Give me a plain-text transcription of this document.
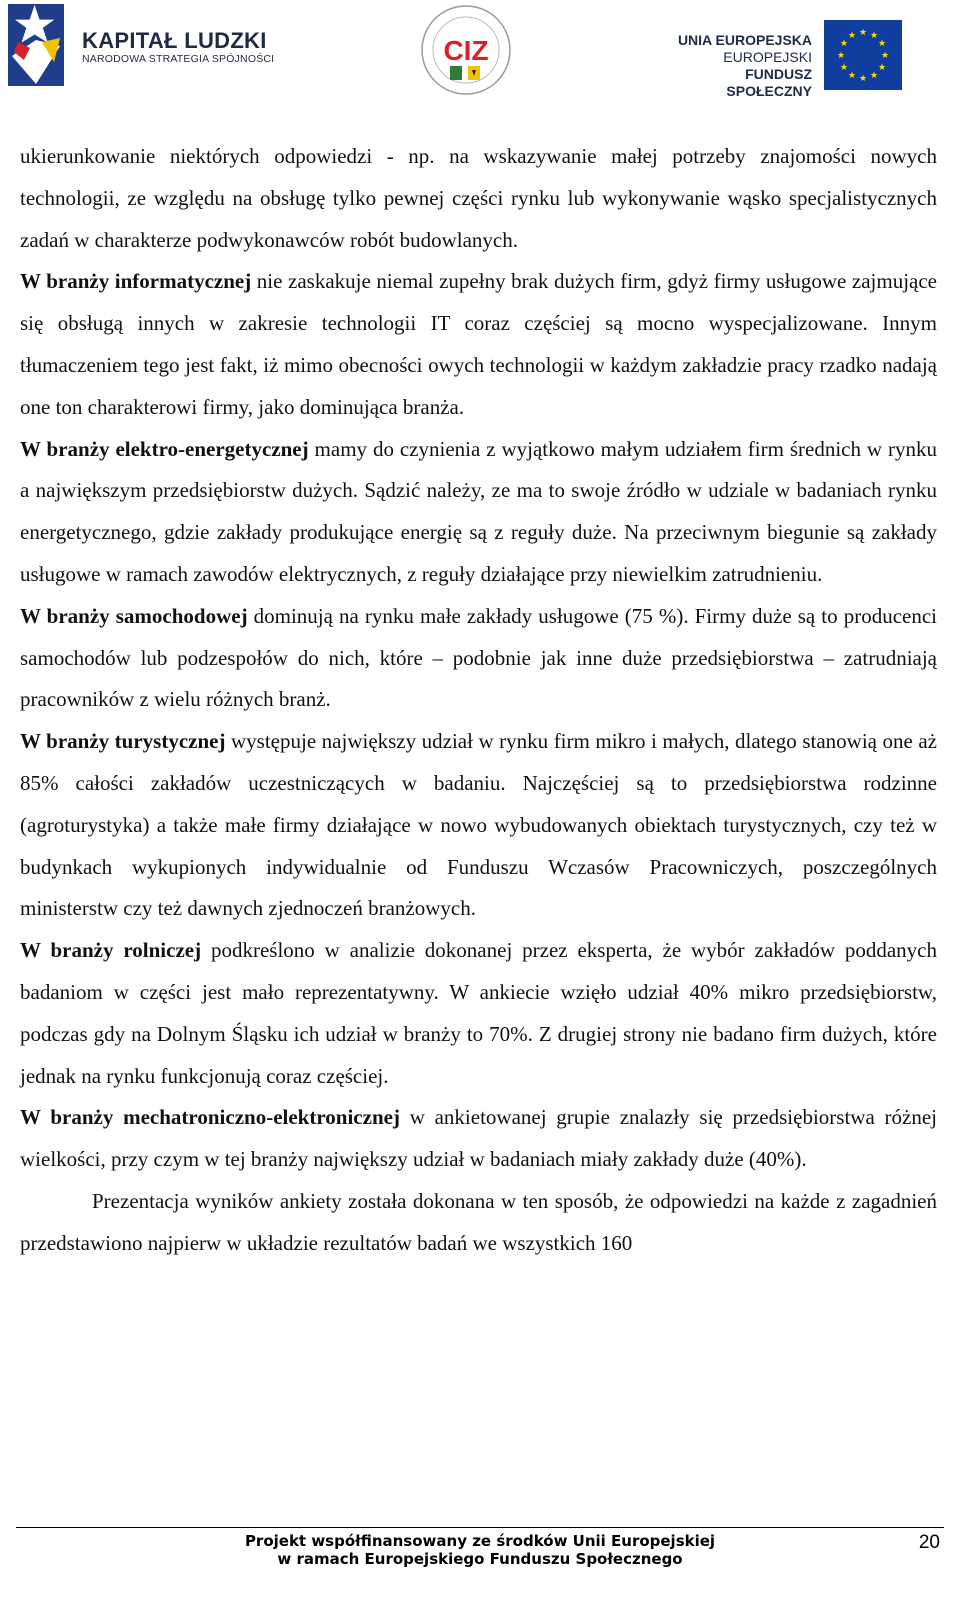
KAPITAŁ LUDZKI
NARODOWA STRATEGIA SPÓJNOŚCI	CIZ	UNIA EUROPEJSKA
EUROPEJSKI
FUNDUSZ SPOŁECZNY
★ ★
★
★
★
★
★
★
★
★
★
★

ukierunkowanie niektórych odpowiedzi - np. na wskazywanie małej potrzeby znajomości nowych technologii, ze względu na obsługę tylko pewnej części rynku lub wykonywanie wąsko specjalistycznych zadań w charakterze podwykonawców robót budowlanych.

W branży informatycznej nie zaskakuje niemal zupełny brak dużych firm, gdyż firmy usługowe zajmujące się obsługą innych w zakresie technologii IT coraz częściej są mocno wyspecjalizowane. Innym tłumaczeniem tego jest fakt, iż mimo obecności owych technologii w każdym zakładzie pracy rzadko nadają one ton charakterowi firmy, jako dominująca branża.

W branży elektro-energetycznej mamy do czynienia z wyjątkowo małym udziałem firm średnich w rynku a największym przedsiębiorstw dużych. Sądzić należy, ze ma to swoje źródło w udziale w badaniach rynku energetycznego, gdzie zakłady produkujące energię są z reguły duże. Na przeciwnym biegunie są zakłady usługowe w ramach zawodów elektrycznych, z reguły działające przy niewielkim zatrudnieniu.

W branży samochodowej dominują na rynku małe zakłady usługowe (75 %). Firmy duże są to producenci samochodów lub podzespołów do nich, które – podobnie jak inne duże przedsiębiorstwa – zatrudniają pracowników z wielu różnych branż.

W branży turystycznej występuje największy udział w rynku firm mikro i małych, dlatego stanowią one aż 85% całości zakładów uczestniczących w badaniu. Najczęściej są to przedsiębiorstwa rodzinne (agroturystyka) a także małe firmy działające w nowo wybudowanych obiektach turystycznych, czy też w budynkach wykupionych indywidualnie od Funduszu Wczasów Pracowniczych, poszczególnych ministerstw czy też dawnych zjednoczeń branżowych.

W branży rolniczej podkreślono w analizie dokonanej przez eksperta, że wybór zakładów poddanych badaniom w części jest mało reprezentatywny. W ankiecie wzięło udział 40% mikro przedsiębiorstw, podczas gdy na Dolnym Śląsku ich udział w branży to 70%. Z drugiej strony nie badano firm dużych, które jednak na rynku funkcjonują coraz częściej.

W branży mechatroniczno-elektronicznej w ankietowanej grupie znalazły się przedsiębiorstwa różnej wielkości, przy czym w tej branży największy udział w badaniach miały zakłady duże (40%).

Prezentacja wyników ankiety została dokonana w ten sposób, że odpowiedzi na każde z zagadnień przedstawiono najpierw w układzie rezultatów badań we wszystkich 160

Projekt współfinansowany ze środków Unii Europejskiej
w ramach Europejskiego Funduszu Społecznego
20
